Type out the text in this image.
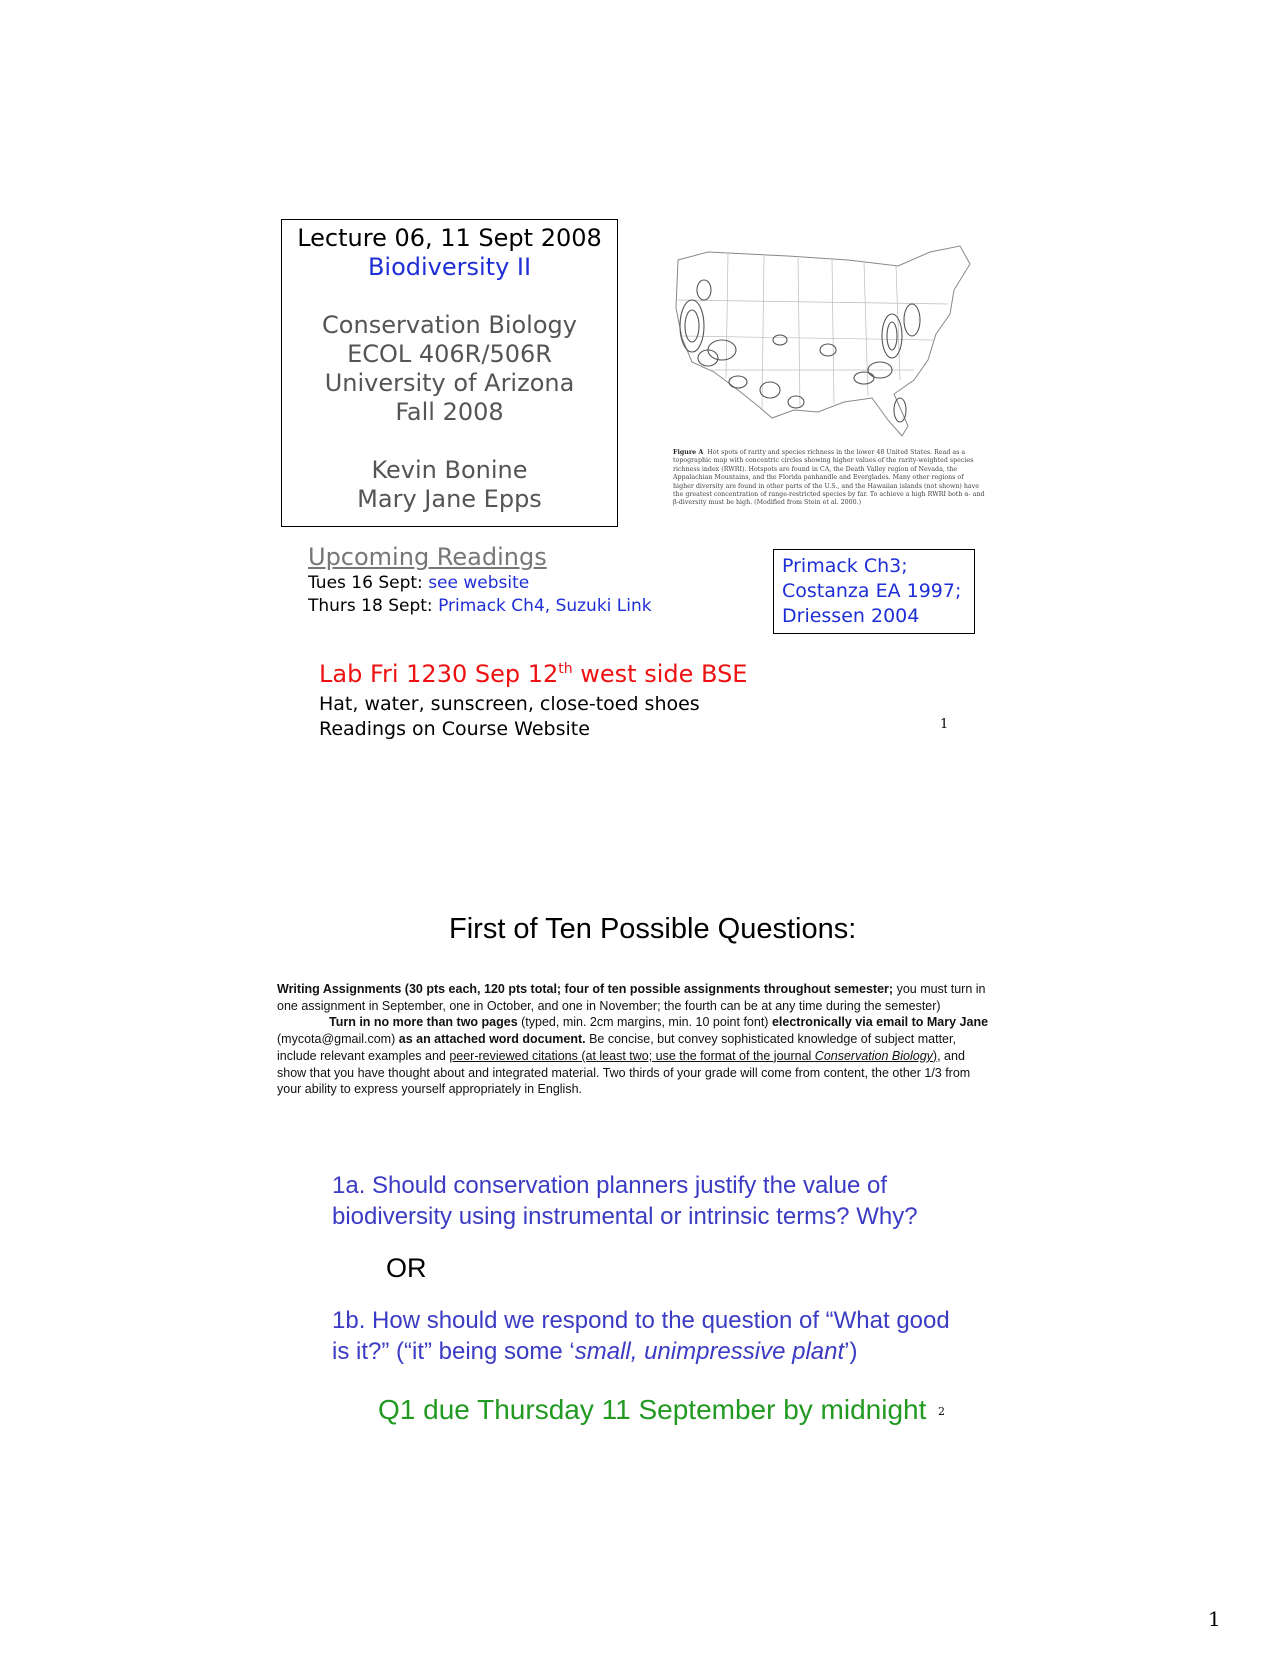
Lecture 06, 11 Sept 2008
Biodiversity II
Conservation Biology
ECOL 406R/506R
University of Arizona
Fall 2008
Kevin Bonine
Mary Jane Epps
Figure A Hot spots of rarity and species richness in the lower 48 United States. Read as a topographic map with concentric circles showing higher values of the rarity-weighted species richness index (RWRI). Hotspots are found in CA, the Death Valley region of Nevada, the Appalachian Mountains, and the Florida panhandle and Everglades. Many other regions of higher diversity are found in other parts of the U.S., and the Hawaiian islands (not shown) have the greatest concentration of range-restricted species by far. To achieve a high RWRI both α- and β-diversity must be high. (Modified from Stein et al. 2000.)
Upcoming Readings
Tues 16 Sept: see website
Thurs 18 Sept: Primack Ch4, Suzuki Link
Primack Ch3;
Costanza EA 1997;
Driessen 2004
Lab Fri 1230 Sep 12th west side BSE
Hat, water, sunscreen, close-toed shoes
Readings on Course Website	1
First of Ten Possible Questions:
Writing Assignments (30 pts each, 120 pts total; four of ten possible assignments throughout semester; you must turn in one assignment in September, one in October, and one in November; the fourth can be at any time during the semester)
Turn in no more than two pages (typed, min. 2cm margins, min. 10 point font) electronically via email to Mary Jane (mycota@gmail.com) as an attached word document. Be concise, but convey sophisticated knowledge of subject matter, include relevant examples and peer-reviewed citations (at least two; use the format of the journal Conservation Biology), and show that you have thought about and integrated material. Two thirds of your grade will come from content, the other 1/3 from your ability to express yourself appropriately in English.
1a. Should conservation planners justify the value of biodiversity using instrumental or intrinsic terms? Why?
OR
1b. How should we respond to the question of “What good is it?” (“it” being some ‘small, unimpressive plant’)
Q1 due Thursday 11 September by midnight 2
1
